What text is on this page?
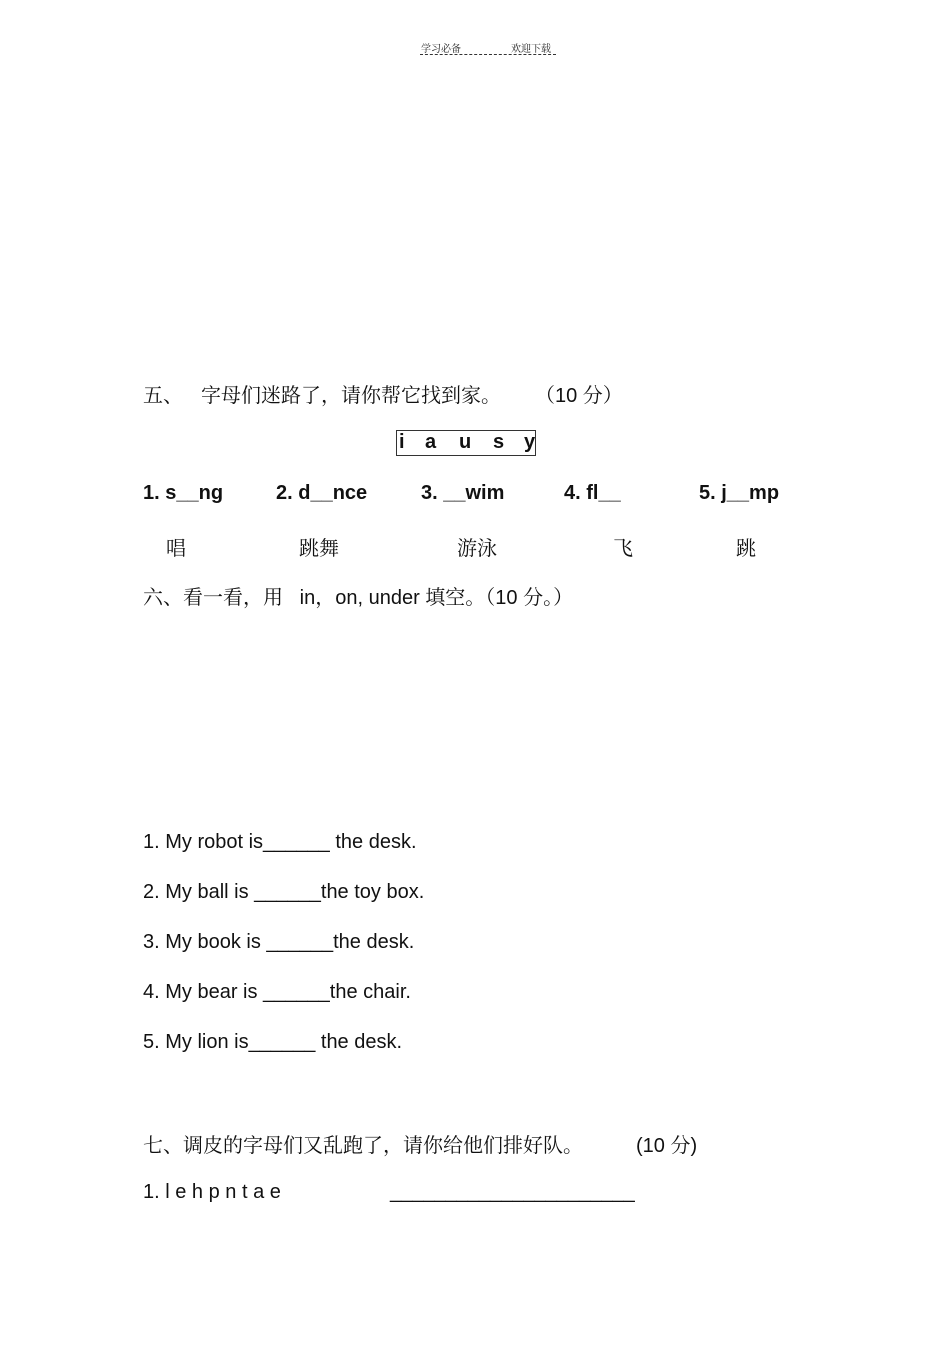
学习必备	欢迎下载
五、 字母们迷路了，请你帮它找到家。 （10 分）
i a u s y
1. s__ng	2. d__nce	3. __wim	4. fl__	5. j__mp
唱	跳舞	游泳	飞	跳
六、看一看，用   in，on, under 填空。（10 分。）
1. My robot is______ the desk.
2. My ball is ______the toy box.
3. My book is ______the desk.
4. My bear is ______the chair.
5. My lion is______ the desk.
七、调皮的字母们又乱跑了，请你给他们排好队。	(10 分)
1. l e h p n t a e	______________________
